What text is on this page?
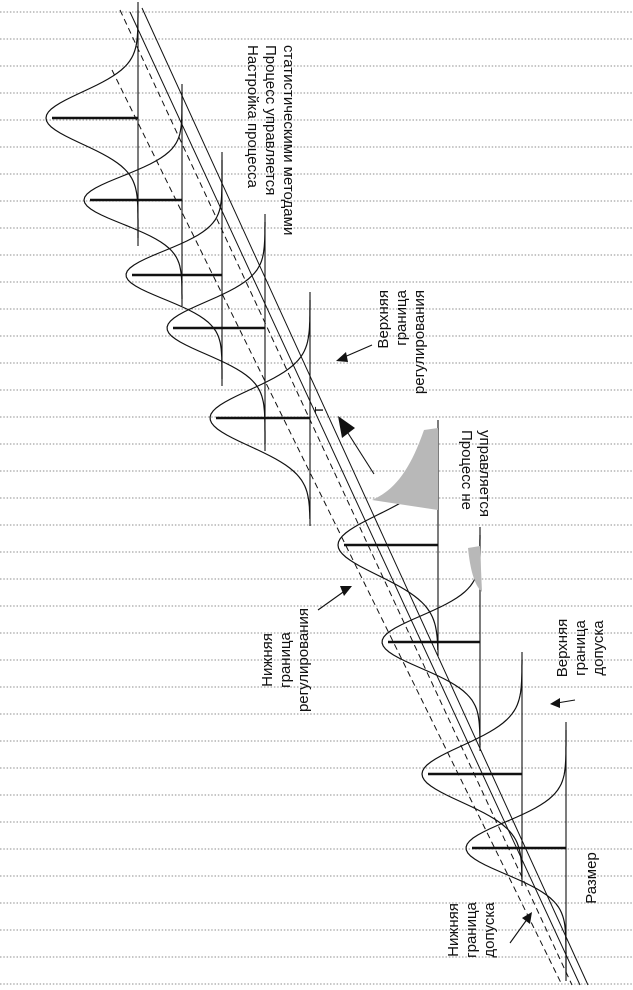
Настройка процесса Процесс управляется статистическими методами
Верхняя граница регулирования
Процесс не управляется
Нижняя граница регулирования	Верхняя граница допуска
Нижняя граница допуска
Размер
т
